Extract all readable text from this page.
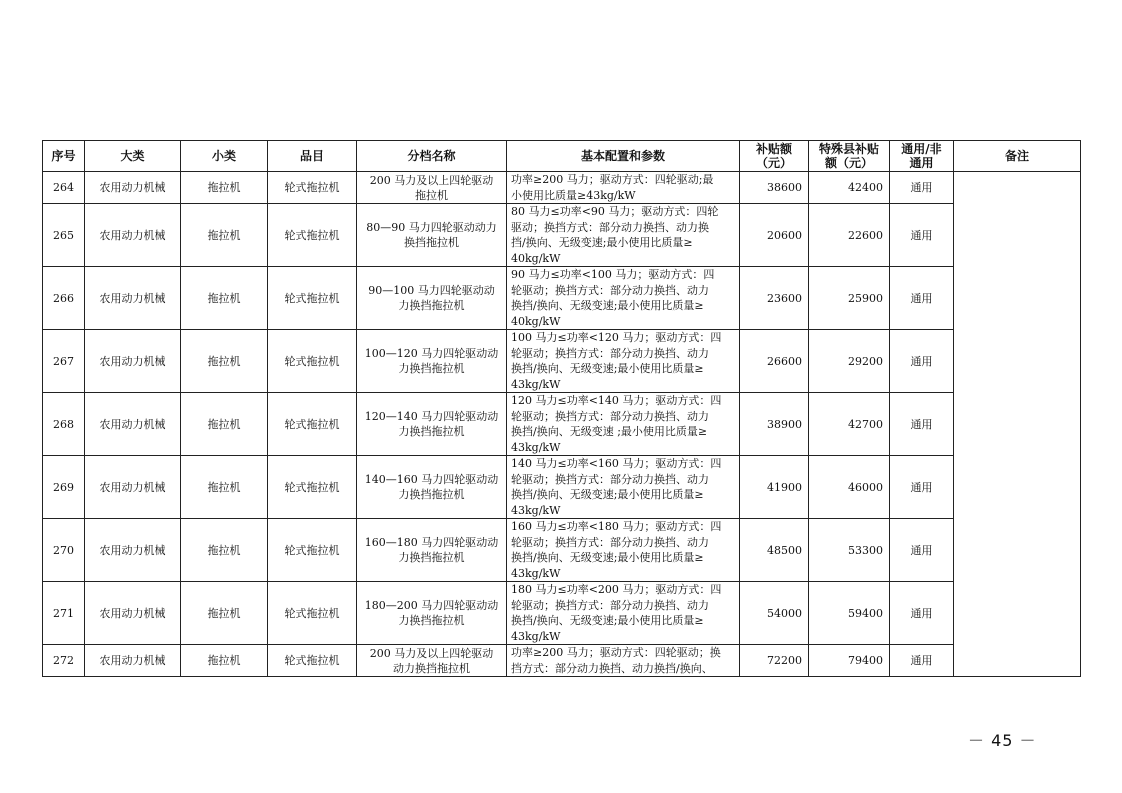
序号	大类	小类	品目	分档名称	基本配置和参数	补贴额
（元）	特殊县补贴
额（元）	通用/非
通用	备注
264	农用动力机械	拖拉机	轮式拖拉机	200 马力及以上四轮驱动
拖拉机	功率≥200 马力；驱动方式：四轮驱动;最
小使用比质量≥43kg/kW	38600	42400	通用	
265	农用动力机械	拖拉机	轮式拖拉机	80—90 马力四轮驱动动力
换挡拖拉机	80 马力≤功率<90 马力；驱动方式：四轮
驱动；换挡方式：部分动力换挡、动力换
挡/换向、无级变速;最小使用比质量≥
40kg/kW	20600	22600	通用	
266	农用动力机械	拖拉机	轮式拖拉机	90—100 马力四轮驱动动
力换挡拖拉机	90 马力≤功率<100 马力；驱动方式：四
轮驱动；换挡方式：部分动力换挡、动力
换挡/换向、无级变速;最小使用比质量≥
40kg/kW	23600	25900	通用	
267	农用动力机械	拖拉机	轮式拖拉机	100—120 马力四轮驱动动
力换挡拖拉机	100 马力≤功率<120 马力；驱动方式：四
轮驱动；换挡方式：部分动力换挡、动力
换挡/换向、无级变速;最小使用比质量≥
43kg/kW	26600	29200	通用	
268	农用动力机械	拖拉机	轮式拖拉机	120—140 马力四轮驱动动
力换挡拖拉机	120 马力≤功率<140 马力；驱动方式：四
轮驱动；换挡方式：部分动力换挡、动力
换挡/换向、无级变速 ;最小使用比质量≥
43kg/kW	38900	42700	通用	
269	农用动力机械	拖拉机	轮式拖拉机	140—160 马力四轮驱动动
力换挡拖拉机	140 马力≤功率<160 马力；驱动方式：四
轮驱动；换挡方式：部分动力换挡、动力
换挡/换向、无级变速;最小使用比质量≥
43kg/kW	41900	46000	通用	
270	农用动力机械	拖拉机	轮式拖拉机	160—180 马力四轮驱动动
力换挡拖拉机	160 马力≤功率<180 马力；驱动方式：四
轮驱动；换挡方式：部分动力换挡、动力
换挡/换向、无级变速;最小使用比质量≥
43kg/kW	48500	53300	通用	
271	农用动力机械	拖拉机	轮式拖拉机	180—200 马力四轮驱动动
力换挡拖拉机	180 马力≤功率<200 马力；驱动方式：四
轮驱动；换挡方式：部分动力换挡、动力
换挡/换向、无级变速;最小使用比质量≥
43kg/kW	54000	59400	通用	
272	农用动力机械	拖拉机	轮式拖拉机	200 马力及以上四轮驱动
动力换挡拖拉机	功率≥200 马力；驱动方式：四轮驱动；换
挡方式：部分动力换挡、动力换挡/换向、	72200	79400	通用	
－ 45 －
